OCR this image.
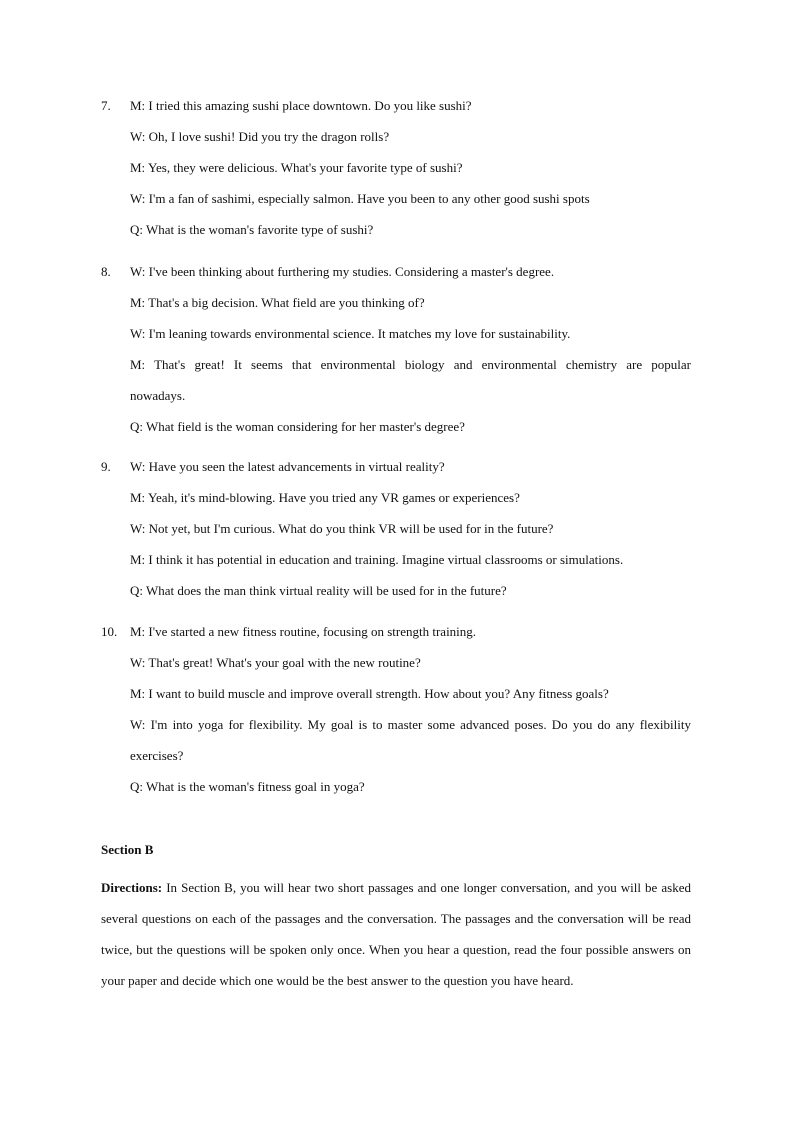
7. M: I tried this amazing sushi place downtown. Do you like sushi?
W: Oh, I love sushi! Did you try the dragon rolls?
M: Yes, they were delicious. What's your favorite type of sushi?
W: I'm a fan of sashimi, especially salmon. Have you been to any other good sushi spots
Q: What is the woman's favorite type of sushi?
8. W: I've been thinking about furthering my studies. Considering a master's degree.
M: That's a big decision. What field are you thinking of?
W: I'm leaning towards environmental science. It matches my love for sustainability.
M: That's great! It seems that environmental biology and environmental chemistry are popular
nowadays.
Q: What field is the woman considering for her master's degree?
9. W: Have you seen the latest advancements in virtual reality?
M: Yeah, it's mind-blowing. Have you tried any VR games or experiences?
W: Not yet, but I'm curious. What do you think VR will be used for in the future?
M: I think it has potential in education and training. Imagine virtual classrooms or simulations.
Q: What does the man think virtual reality will be used for in the future?
10. M: I've started a new fitness routine, focusing on strength training.
W: That's great! What's your goal with the new routine?
M: I want to build muscle and improve overall strength. How about you? Any fitness goals?
W: I'm into yoga for flexibility. My goal is to master some advanced poses. Do you do any flexibility
exercises?
Q: What is the woman's fitness goal in yoga?
Section B
Directions: In Section B, you will hear two short passages and one longer conversation, and you will be asked several questions on each of the passages and the conversation. The passages and the conversation will be read twice, but the questions will be spoken only once. When you hear a question, read the four possible answers on your paper and decide which one would be the best answer to the question you have heard.
